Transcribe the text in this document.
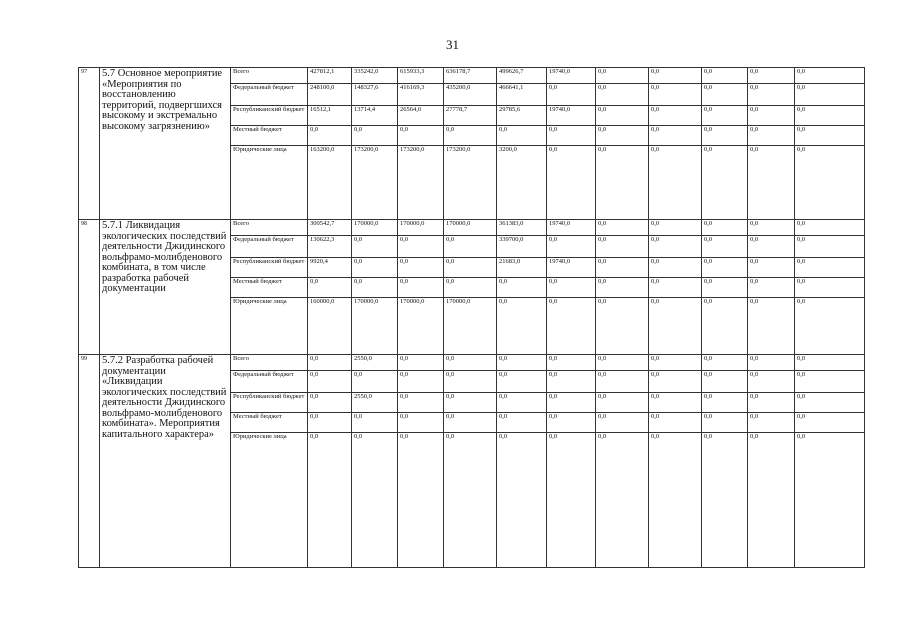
31
97	5.7 Основное мероприятие «Мероприятия по восстановлению территорий, подвергшихся высокому и экстремально высокому загрязнению»	Всего	427812,1	335242,0	615933,3	636178,7	499626,7	19740,0	0,0	0,0	0,0	0,0	0,0
		Федеральный бюджет	248100,0	148327,6	416169,3	435200,0	466641,1	0,0	0,0	0,0	0,0	0,0	0,0
		Республиканский бюджет	16512,1	13714,4	26564,0	27778,7	29785,6	19740,0	0,0	0,0	0,0	0,0	0,0
		Местный бюджет	0,0	0,0	0,0	0,0	0,0	0,0	0,0	0,0	0,0	0,0	0,0
		Юридические лица	163200,0	173200,0	173200,0	173200,0	3200,0	0,0	0,0	0,0	0,0	0,0	0,0
98	5.7.1 Ликвидация экологических последствий деятельности Джидинского вольфрамо-молибденового комбината, в том числе разработка рабочей документации	Всего	300542,7	170000,0	170000,0	170000,0	361383,0	19740,0	0,0	0,0	0,0	0,0	0,0
		Федеральный бюджет	130622,3	0,0	0,0	0,0	339700,0	0,0	0,0	0,0	0,0	0,0	0,0
		Республиканский бюджет	9920,4	0,0	0,0	0,0	21683,0	19740,0	0,0	0,0	0,0	0,0	0,0
		Местный бюджет	0,0	0,0	0,0	0,0	0,0	0,0	0,0	0,0	0,0	0,0	0,0
		Юридические лица	160000,0	170000,0	170000,0	170000,0	0,0	0,0	0,0	0,0	0,0	0,0	0,0
99	5.7.2 Разработка рабочей документации «Ликвидации экологических последствий деятельности Джидинского вольфрамо-молибденового комбината». Мероприятия капитального характера»	Всего	0,0	2550,0	0,0	0,0	0,0	0,0	0,0	0,0	0,0	0,0	0,0
		Федеральный бюджет	0,0	0,0	0,0	0,0	0,0	0,0	0,0	0,0	0,0	0,0	0,0
		Республиканский бюджет	0,0	2550,0	0,0	0,0	0,0	0,0	0,0	0,0	0,0	0,0	0,0
		Местный бюджет	0,0	0,0	0,0	0,0	0,0	0,0	0,0	0,0	0,0	0,0	0,0
		Юридические лица	0,0	0,0	0,0	0,0	0,0	0,0	0,0	0,0	0,0	0,0	0,0
